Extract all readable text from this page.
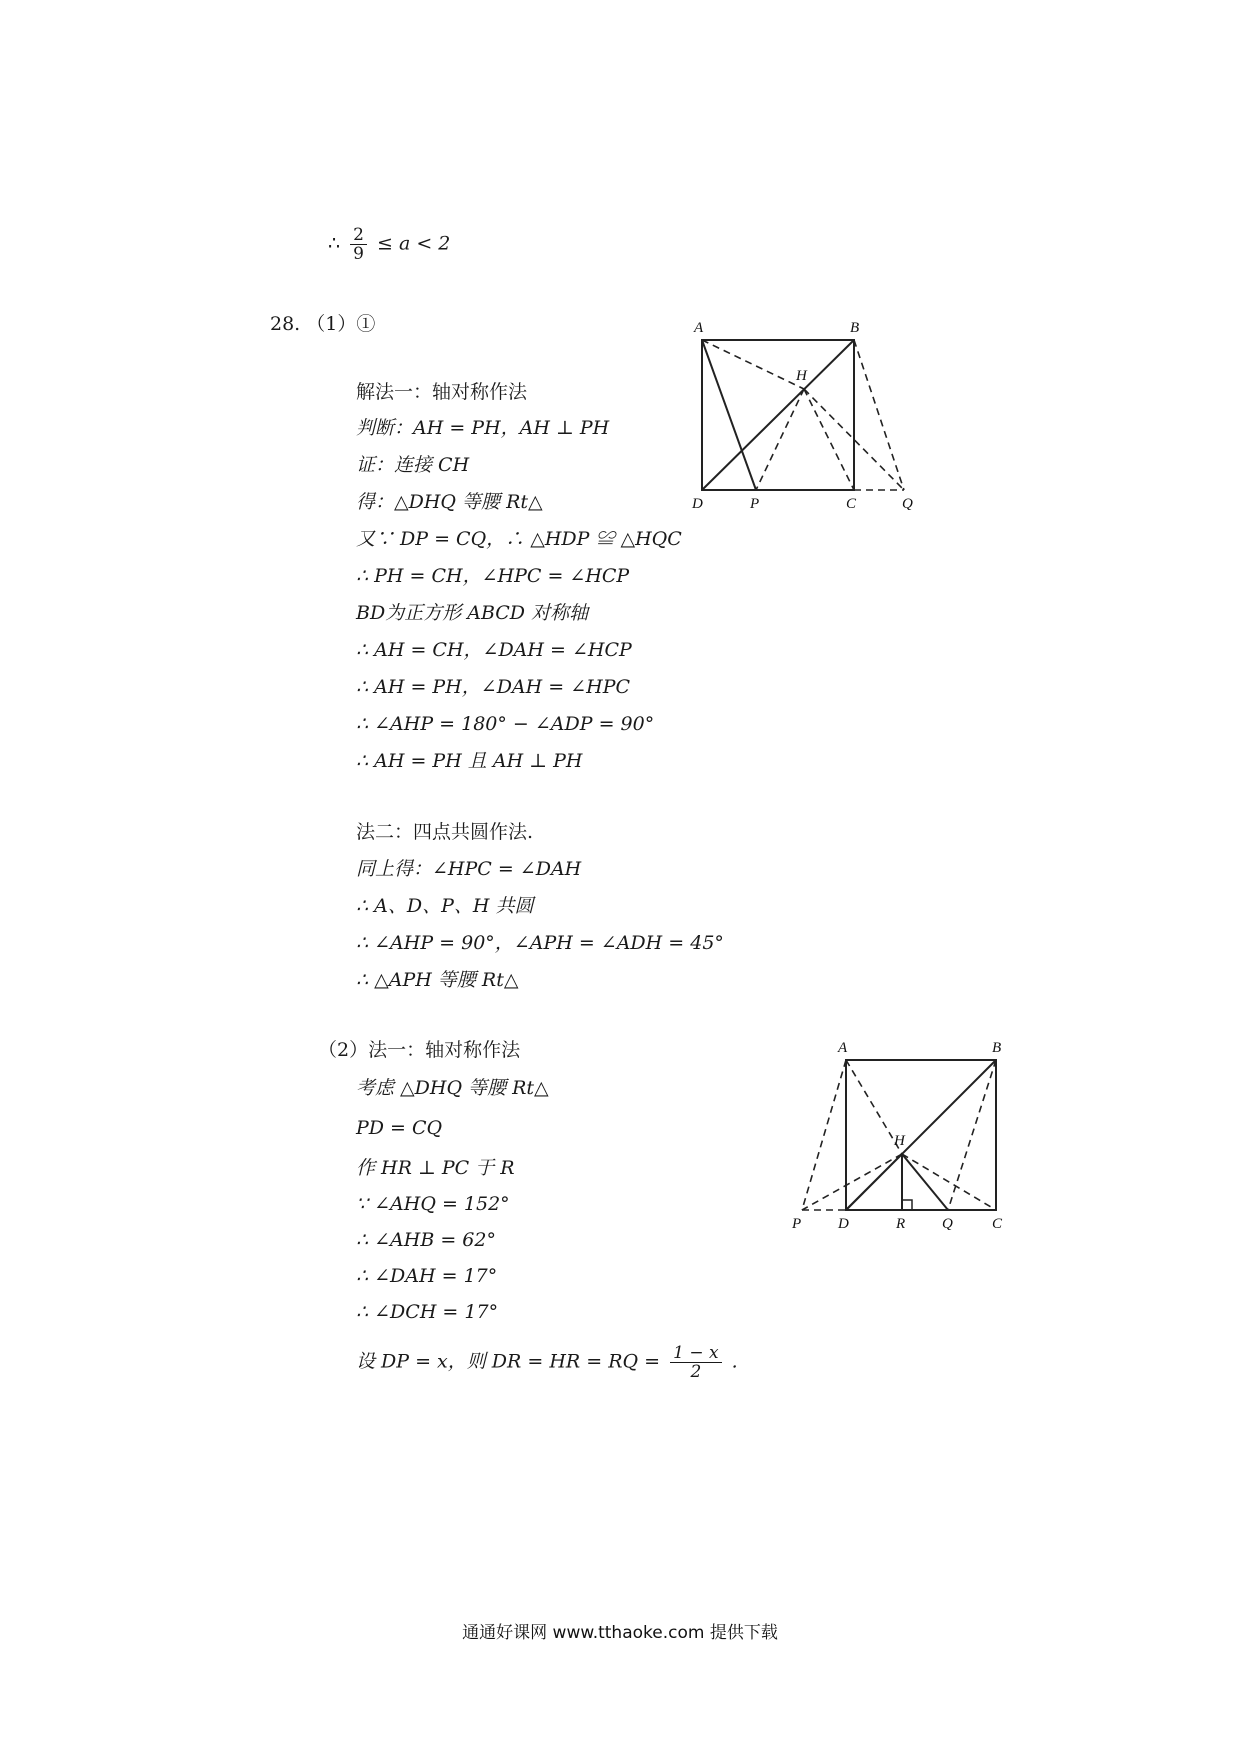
∴ $\frac{2}{9} \le a < 2$
28. （1）①
解法一：轴对称作法
判断：AH = PH，AH ⊥ PH
证：连接 CH
得：△DHQ 等腰 Rt△
又∵ DP = CQ，∴ △HDP ≌ △HQC
∴ PH = CH，∠HPC = ∠HCP
BD为正方形 ABCD 对称轴
∴ AH = CH，∠DAH = ∠HCP
∴ AH = PH，∠DAH = ∠HPC
∴ ∠AHP = 180° − ∠ADP = 90°
∴ AH = PH 且 AH ⊥ PH
法二：四点共圆作法.
同上得：∠HPC = ∠DAH
∴ A、D、P、H 共圆
∴ ∠AHP = 90°，∠APH = ∠ADH = 45°
∴ △APH 等腰 Rt△
（2）法一：轴对称作法
考虑 △DHQ 等腰 Rt△
PD = CQ
作 HR ⊥ PC 于 R
∵ ∠AHQ = 152°
∴ ∠AHB = 62°
∴ ∠DAH = 17°
∴ ∠DCH = 17°
设 DP = x，则 DR = HR = RQ = $\frac{1 - x}{2}$ .
A	B
H
D	P	C	Q
A	B
H
P D	R Q	C
通通好课网 www.tthaoke.com 提供下载
